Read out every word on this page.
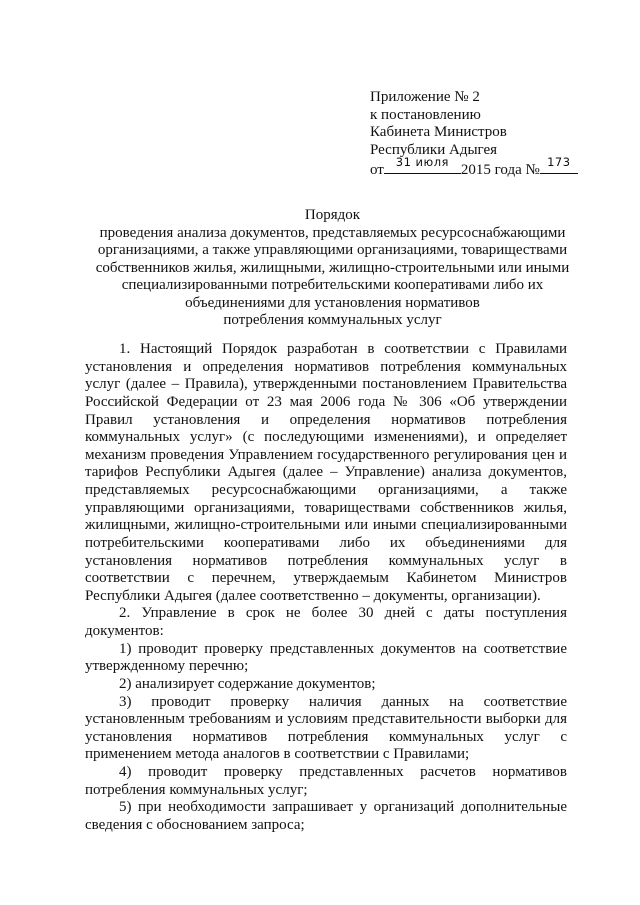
Приложение № 2
к постановлению
Кабинета Министров
Республики Адыгея
от
31 июля
2015 года №
173
Порядок
проведения анализа документов, представляемых ресурсоснабжающими
организациями, а также управляющими организациями, товариществами
собственников жилья, жилищными, жилищно-строительными или иными
специализированными потребительскими кооперативами либо их
объединениями для установления нормативов
потребления коммунальных услуг

1. Настоящий Порядок разработан в соответствии с Правилами установления и определения нормативов потребления коммунальных услуг (далее – Правила), утвержденными постановлением Правительства Российской Федерации от 23 мая 2006 года № 306 «Об утверждении Правил установления и определения нормативов потребления коммунальных услуг» (с последующими изменениями), и определяет механизм проведения Управлением государственного регулирования цен и тарифов Республики Адыгея (далее – Управление) анализа документов, представляемых ресурсоснабжающими организациями, а также управляющими организациями, товариществами собственников жилья, жилищными, жилищно-строительными или иными специализированными потребительскими кооперативами либо их объединениями для установления нормативов потребления коммунальных услуг в соответствии с перечнем, утверждаемым Кабинетом Министров Республики Адыгея (далее соответственно – документы, организации).

2. Управление в срок не более 30 дней с даты поступления документов:

1) проводит проверку представленных документов на соответствие утвержденному перечню;

2) анализирует содержание документов;

3) проводит проверку наличия данных на соответствие установленным требованиям и условиям представительности выборки для установления нормативов потребления коммунальных услуг с применением метода аналогов в соответствии с Правилами;

4) проводит проверку представленных расчетов нормативов потребления коммунальных услуг;

5) при необходимости запрашивает у организаций дополнительные сведения с обоснованием запроса;
